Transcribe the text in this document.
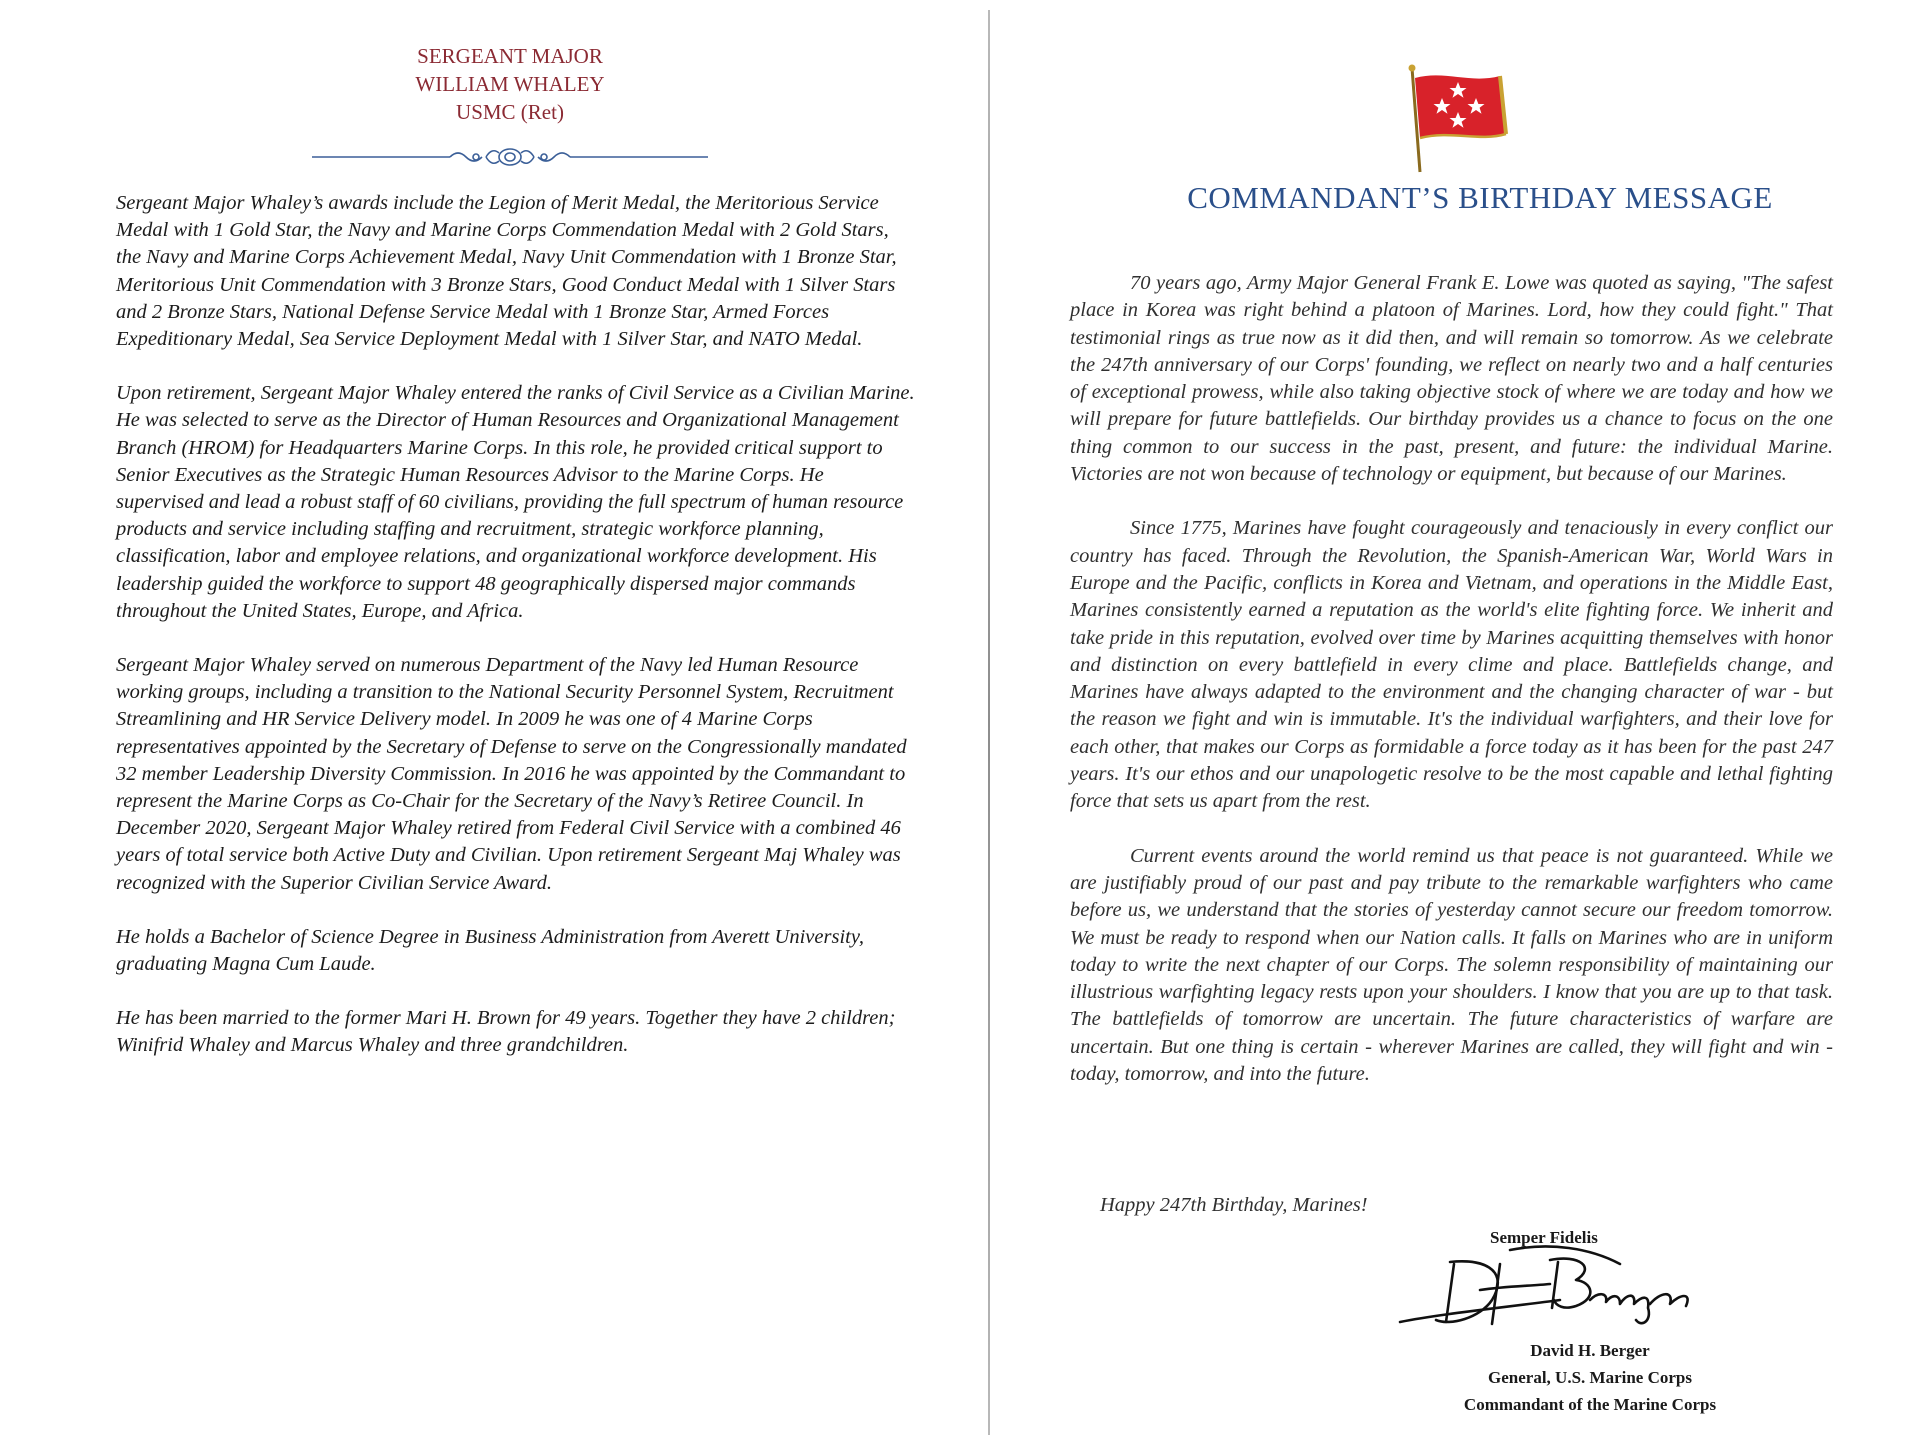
SERGEANT MAJOR
WILLIAM WHALEY
USMC (Ret)

Sergeant Major Whaley’s awards include the Legion of Merit Medal, the Meritorious Service Medal with 1 Gold Star, the Navy and Marine Corps Commendation Medal with 2 Gold Stars, the Navy and Marine Corps Achievement Medal, Navy Unit Commendation with 1 Bronze Star, Meritorious Unit Commendation with 3 Bronze Stars, Good Conduct Medal with 1 Silver Stars and 2 Bronze Stars, National Defense Service Medal with 1 Bronze Star, Armed Forces Expeditionary Medal, Sea Service Deployment Medal with 1 Silver Star, and NATO Medal.

Upon retirement, Sergeant Major Whaley entered the ranks of Civil Service as a Civilian Marine. He was selected to serve as the Director of Human Resources and Organizational Management Branch (HROM) for Headquarters Marine Corps. In this role, he provided critical support to Senior Executives as the Strategic Human Resources Advisor to the Marine Corps. He supervised and lead a robust staff of 60 civilians, providing the full spectrum of human resource products and service including staffing and recruitment, strategic workforce planning, classification, labor and employee relations, and organizational workforce development. His leadership guided the workforce to support 48 geographically dispersed major commands throughout the United States, Europe, and Africa.

Sergeant Major Whaley served on numerous Department of the Navy led Human Resource working groups, including a transition to the National Security Personnel System, Recruitment Streamlining and HR Service Delivery model. In 2009 he was one of 4 Marine Corps representatives appointed by the Secretary of Defense to serve on the Congressionally mandated 32 member Leadership Diversity Commission. In 2016 he was appointed by the Commandant to represent the Marine Corps as Co-Chair for the Secretary of the Navy’s Retiree Council. In December 2020, Sergeant Major Whaley retired from Federal Civil Service with a combined 46 years of total service both Active Duty and Civilian. Upon retirement Sergeant Maj Whaley was recognized with the Superior Civilian Service Award.

He holds a Bachelor of Science Degree in Business Administration from Averett University, graduating Magna Cum Laude.

He has been married to the former Mari H. Brown for 49 years. Together they have 2 children; Winifrid Whaley and Marcus Whaley and three grandchildren.

COMMANDANT’S BIRTHDAY MESSAGE

70 years ago, Army Major General Frank E. Lowe was quoted as saying, "The safest place in Korea was right behind a platoon of Marines. Lord, how they could fight." That testimonial rings as true now as it did then, and will remain so tomorrow. As we celebrate the 247th anniversary of our Corps' founding, we reflect on nearly two and a half centuries of exceptional prowess, while also taking objective stock of where we are today and how we will prepare for future battlefields. Our birthday provides us a chance to focus on the one thing common to our success in the past, present, and future: the individual Marine. Victories are not won because of technology or equipment, but because of our Marines.

Since 1775, Marines have fought courageously and tenaciously in every conflict our country has faced. Through the Revolution, the Spanish-American War, World Wars in Europe and the Pacific, conflicts in Korea and Vietnam, and operations in the Middle East, Marines consistently earned a reputation as the world's elite fighting force. We inherit and take pride in this reputation, evolved over time by Marines acquitting themselves with honor and distinction on every battlefield in every clime and place. Battlefields change, and Marines have always adapted to the environment and the changing character of war - but the reason we fight and win is immutable. It's the individual warfighters, and their love for each other, that makes our Corps as formidable a force today as it has been for the past 247 years. It's our ethos and our unapologetic resolve to be the most capable and lethal fighting force that sets us apart from the rest.

Current events around the world remind us that peace is not guaranteed. While we are justifiably proud of our past and pay tribute to the remarkable warfighters who came before us, we understand that the stories of yesterday cannot secure our freedom tomorrow. We must be ready to respond when our Nation calls. It falls on Marines who are in uniform today to write the next chapter of our Corps. The solemn responsibility of maintaining our illustrious warfighting legacy rests upon your shoulders. I know that you are up to that task. The battlefields of tomorrow are uncertain. The future characteristics of warfare are uncertain. But one thing is certain - wherever Marines are called, they will fight and win - today, tomorrow, and into the future.

Happy 247th Birthday, Marines!
Semper Fidelis
David H. Berger
General, U.S. Marine Corps
Commandant of the Marine Corps
